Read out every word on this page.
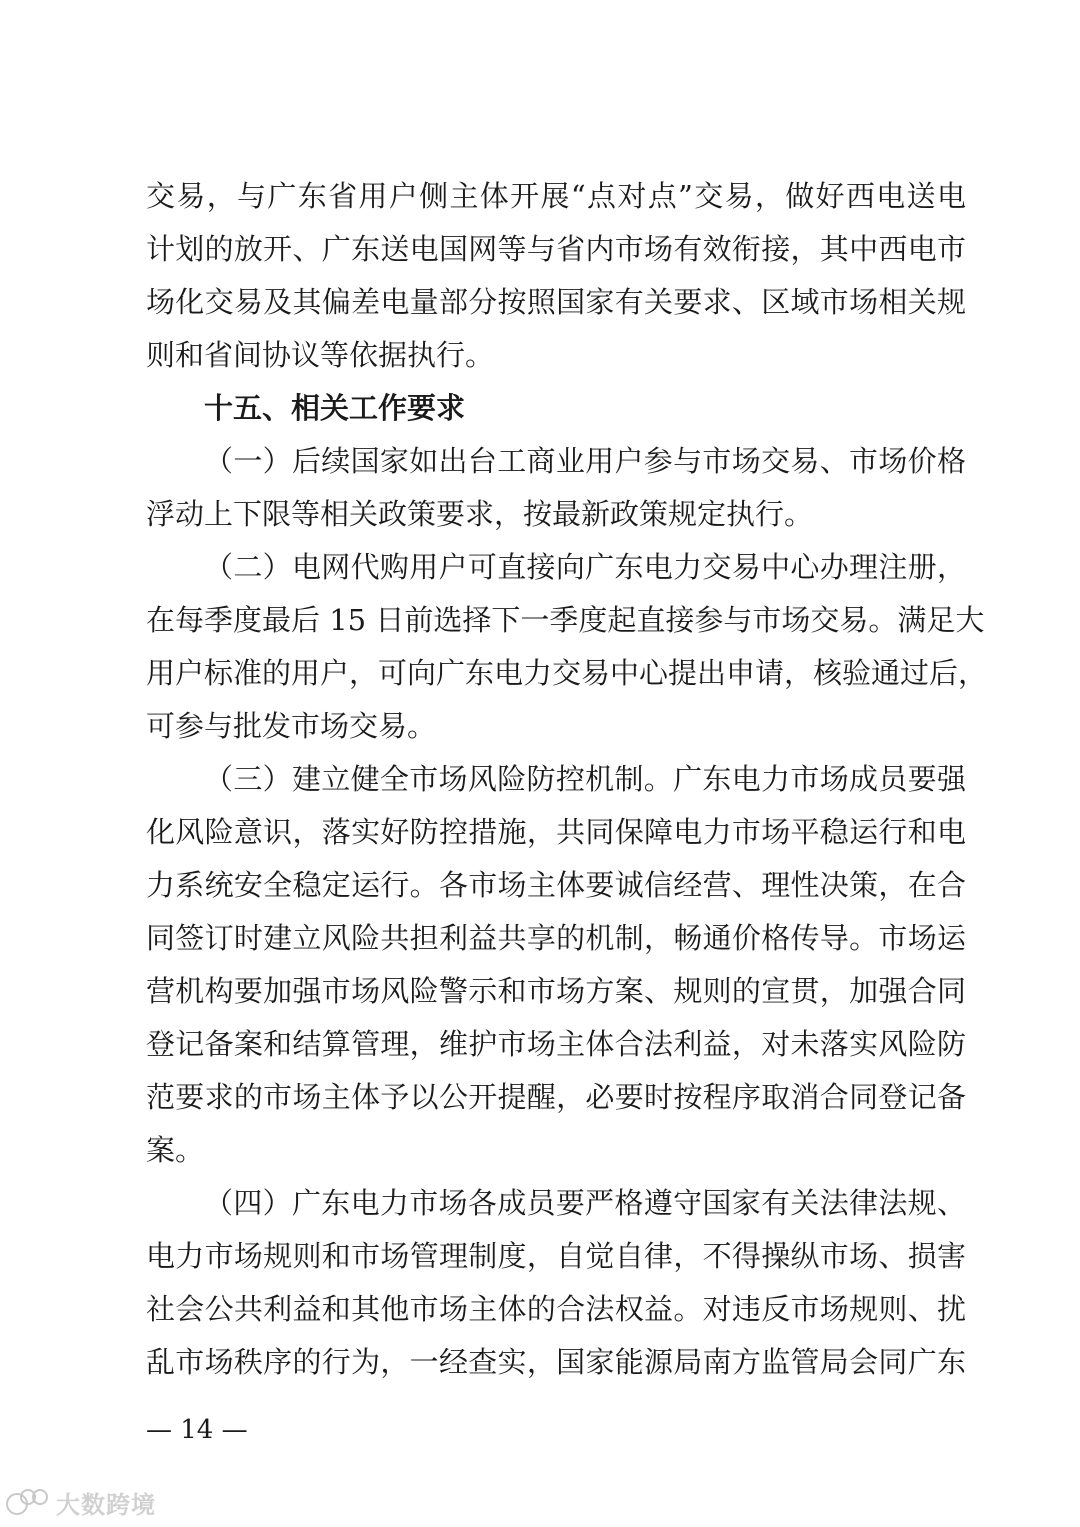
交易，与广东省用户侧主体开展“点对点”交易，做好西电送电
计划的放开、广东送电国网等与省内市场有效衔接，其中西电市
场化交易及其偏差电量部分按照国家有关要求、区域市场相关规
则和省间协议等依据执行。
十五、相关工作要求
（一）后续国家如出台工商业用户参与市场交易、市场价格
浮动上下限等相关政策要求，按最新政策规定执行。
（二）电网代购用户可直接向广东电力交易中心办理注册，
在每季度最后 15 日前选择下一季度起直接参与市场交易。满足大
用户标准的用户，可向广东电力交易中心提出申请，核验通过后，
可参与批发市场交易。
（三）建立健全市场风险防控机制。广东电力市场成员要强
化风险意识，落实好防控措施，共同保障电力市场平稳运行和电
力系统安全稳定运行。各市场主体要诚信经营、理性决策，在合
同签订时建立风险共担利益共享的机制，畅通价格传导。市场运
营机构要加强市场风险警示和市场方案、规则的宣贯，加强合同
登记备案和结算管理，维护市场主体合法利益，对未落实风险防
范要求的市场主体予以公开提醒，必要时按程序取消合同登记备
案。
（四）广东电力市场各成员要严格遵守国家有关法律法规、
电力市场规则和市场管理制度，自觉自律，不得操纵市场、损害
社会公共利益和其他市场主体的合法权益。对违反市场规则、扰
乱市场秩序的行为，一经查实，国家能源局南方监管局会同广东
— 14 —
大数跨境
